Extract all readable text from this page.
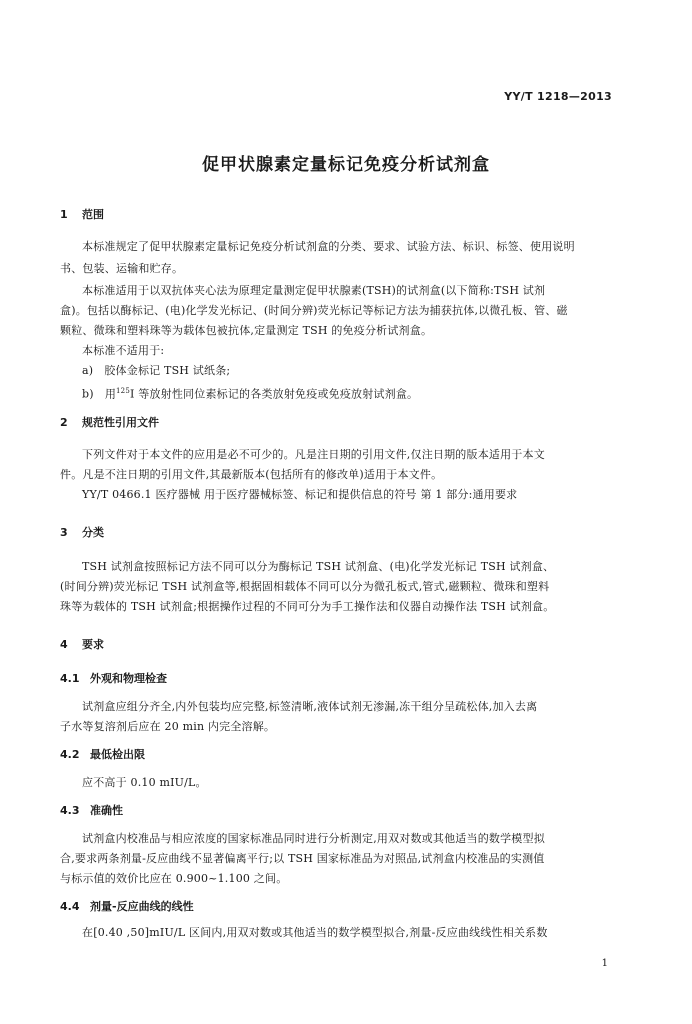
YY/T 1218—2013
促甲状腺素定量标记免疫分析试剂盒
1 范围
本标准规定了促甲状腺素定量标记免疫分析试剂盒的分类、要求、试验方法、标识、标签、使用说明
书、包装、运输和贮存。
本标准适用于以双抗体夹心法为原理定量测定促甲状腺素(TSH)的试剂盒(以下简称:TSH 试剂
盒)。包括以酶标记、(电)化学发光标记、(时间分辨)荧光标记等标记方法为捕获抗体,以微孔板、管、磁
颗粒、微珠和塑料珠等为载体包被抗体,定量测定 TSH 的免疫分析试剂盒。
本标准不适用于:
a) 胶体金标记 TSH 试纸条;
b) 用$^{125}$I 等放射性同位素标记的各类放射免疫或免疫放射试剂盒。
2 规范性引用文件
下列文件对于本文件的应用是必不可少的。凡是注日期的引用文件,仅注日期的版本适用于本文
件。凡是不注日期的引用文件,其最新版本(包括所有的修改单)适用于本文件。
YY/T 0466.1 医疗器械 用于医疗器械标签、标记和提供信息的符号 第 1 部分:通用要求
3 分类
TSH 试剂盒按照标记方法不同可以分为酶标记 TSH 试剂盒、(电)化学发光标记 TSH 试剂盒、
(时间分辨)荧光标记 TSH 试剂盒等,根据固相载体不同可以分为微孔板式,管式,磁颗粒、微珠和塑料
珠等为载体的 TSH 试剂盒;根据操作过程的不同可分为手工操作法和仪器自动操作法 TSH 试剂盒。
4 要求
4.1 外观和物理检查
试剂盒应组分齐全,内外包装均应完整,标签清晰,液体试剂无渗漏,冻干组分呈疏松体,加入去离
子水等复溶剂后应在 20 min 内完全溶解。
4.2 最低检出限
应不高于 0.10 mIU/L。
4.3 准确性
试剂盒内校准品与相应浓度的国家标准品同时进行分析测定,用双对数或其他适当的数学模型拟
合,要求两条剂量-反应曲线不显著偏离平行;以 TSH 国家标准品为对照品,试剂盒内校准品的实测值
与标示值的效价比应在 0.900~1.100 之间。
4.4 剂量-反应曲线的线性
在[0.40 ,50]mIU/L 区间内,用双对数或其他适当的数学模型拟合,剂量-反应曲线线性相关系数
1
